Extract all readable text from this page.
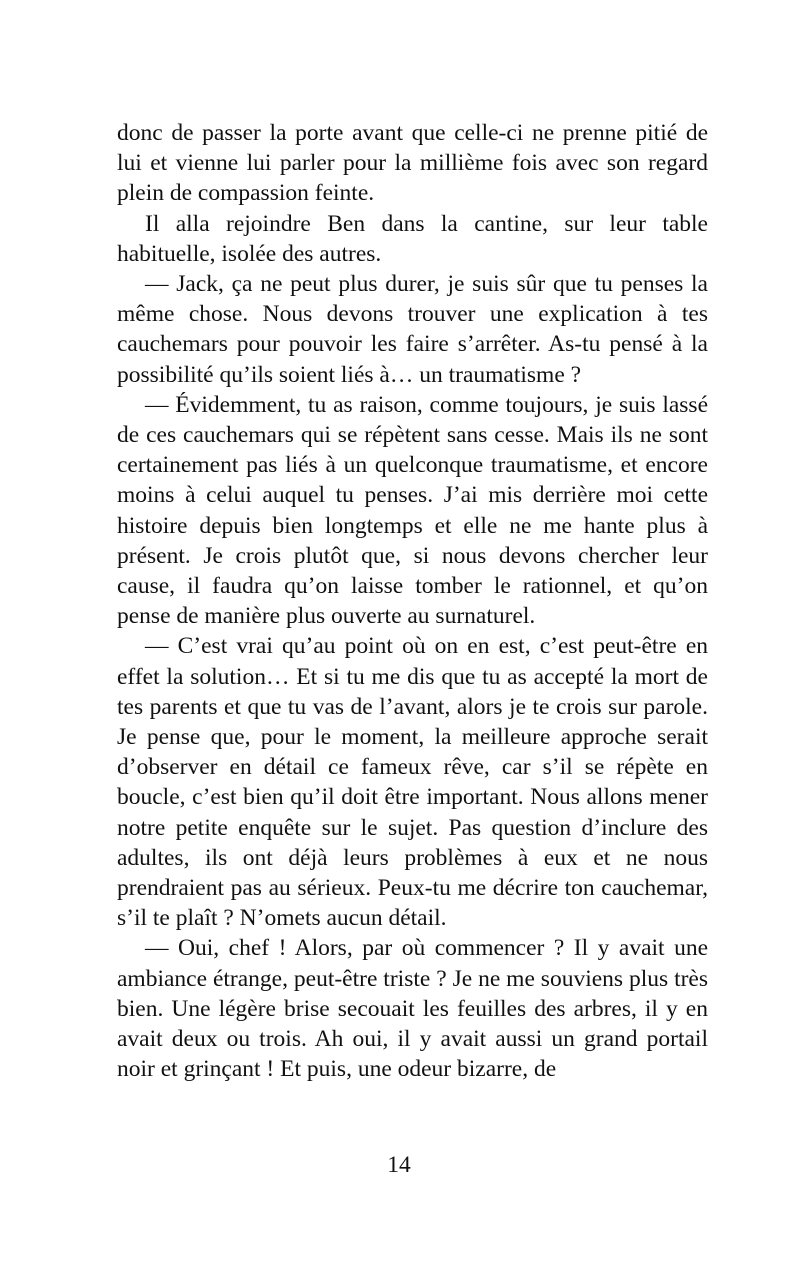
donc de passer la porte avant que celle-ci ne prenne pitié de lui et vienne lui parler pour la millième fois avec son regard plein de compassion feinte.

Il alla rejoindre Ben dans la cantine, sur leur table habituelle, isolée des autres.

— Jack, ça ne peut plus durer, je suis sûr que tu penses la même chose. Nous devons trouver une explication à tes cauchemars pour pouvoir les faire s’arrêter. As-tu pensé à la possibilité qu’ils soient liés à… un traumatisme ?

— Évidemment, tu as raison, comme toujours, je suis lassé de ces cauchemars qui se répètent sans cesse. Mais ils ne sont certainement pas liés à un quelconque traumatisme, et encore moins à celui auquel tu penses. J’ai mis derrière moi cette histoire depuis bien longtemps et elle ne me hante plus à présent. Je crois plutôt que, si nous devons chercher leur cause, il faudra qu’on laisse tomber le rationnel, et qu’on pense de manière plus ouverte au surnaturel.

— C’est vrai qu’au point où on en est, c’est peut-être en effet la solution… Et si tu me dis que tu as accepté la mort de tes parents et que tu vas de l’avant, alors je te crois sur parole. Je pense que, pour le moment, la meilleure approche serait d’observer en détail ce fameux rêve, car s’il se répète en boucle, c’est bien qu’il doit être important. Nous allons mener notre petite enquête sur le sujet. Pas question d’inclure des adultes, ils ont déjà leurs problèmes à eux et ne nous prendraient pas au sérieux. Peux-tu me décrire ton cauchemar, s’il te plaît ? N’omets aucun détail.

— Oui, chef ! Alors, par où commencer ? Il y avait une ambiance étrange, peut-être triste ? Je ne me souviens plus très bien. Une légère brise secouait les feuilles des arbres, il y en avait deux ou trois. Ah oui, il y avait aussi un grand portail noir et grinçant ! Et puis, une odeur bizarre, de

14
